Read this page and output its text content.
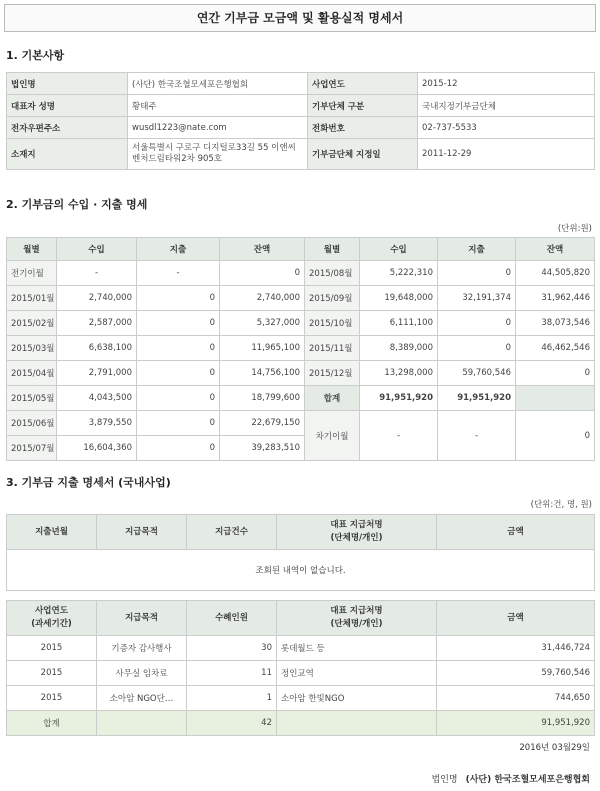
연간 기부금 모금액 및 활용실적 명세서
1. 기본사항
법인명	(사단) 한국조혈모세포은행협회	사업연도	2015-12
대표자 성명	황태주	기부단체 구분	국내지정기부금단체
전자우편주소	wusdl1223@nate.com	전화번호	02-737-5533
소재지	서울특별시 구로구 디지털로33길 55 이앤씨벤처드림타워2차 905호	기부금단체 지정일	2011-12-29
2. 기부금의 수입 · 지출 명세
(단위:원)
월별	수입	지출	잔액	월별	수입	지출	잔액
전기이월	-	-	0	2015/08월	5,222,310	0	44,505,820
2015/01월	2,740,000	0	2,740,000	2015/09월	19,648,000	32,191,374	31,962,446
2015/02월	2,587,000	0	5,327,000	2015/10월	6,111,100	0	38,073,546
2015/03월	6,638,100	0	11,965,100	2015/11월	8,389,000	0	46,462,546
2015/04월	2,791,000	0	14,756,100	2015/12월	13,298,000	59,760,546	0
2015/05월	4,043,500	0	18,799,600	합계	91,951,920	91,951,920	
2015/06월	3,879,550	0	22,679,150	차기이월	-	-	0
2015/07월	16,604,360	0	39,283,510				
3. 기부금 지출 명세서 (국내사업)
(단위:건, 명, 원)
지출년월	지급목적	지급건수	대표 지급처명
(단체명/개인)	금액
조회된 내역이 없습니다.
사업연도
(과세기간)	지급목적	수혜인원	대표 지급처명
(단체명/개인)	금액
2015	기증자 감사행사	30	롯데월드 등	31,446,724
2015	사무실 임차료	11	정인교역	59,760,546
2015	소아암 NGO단…	1	소아암 한빛NGO	744,650
합계		42		91,951,920
2016년 03월29일
법인명 (사단) 한국조혈모세포은행협회
